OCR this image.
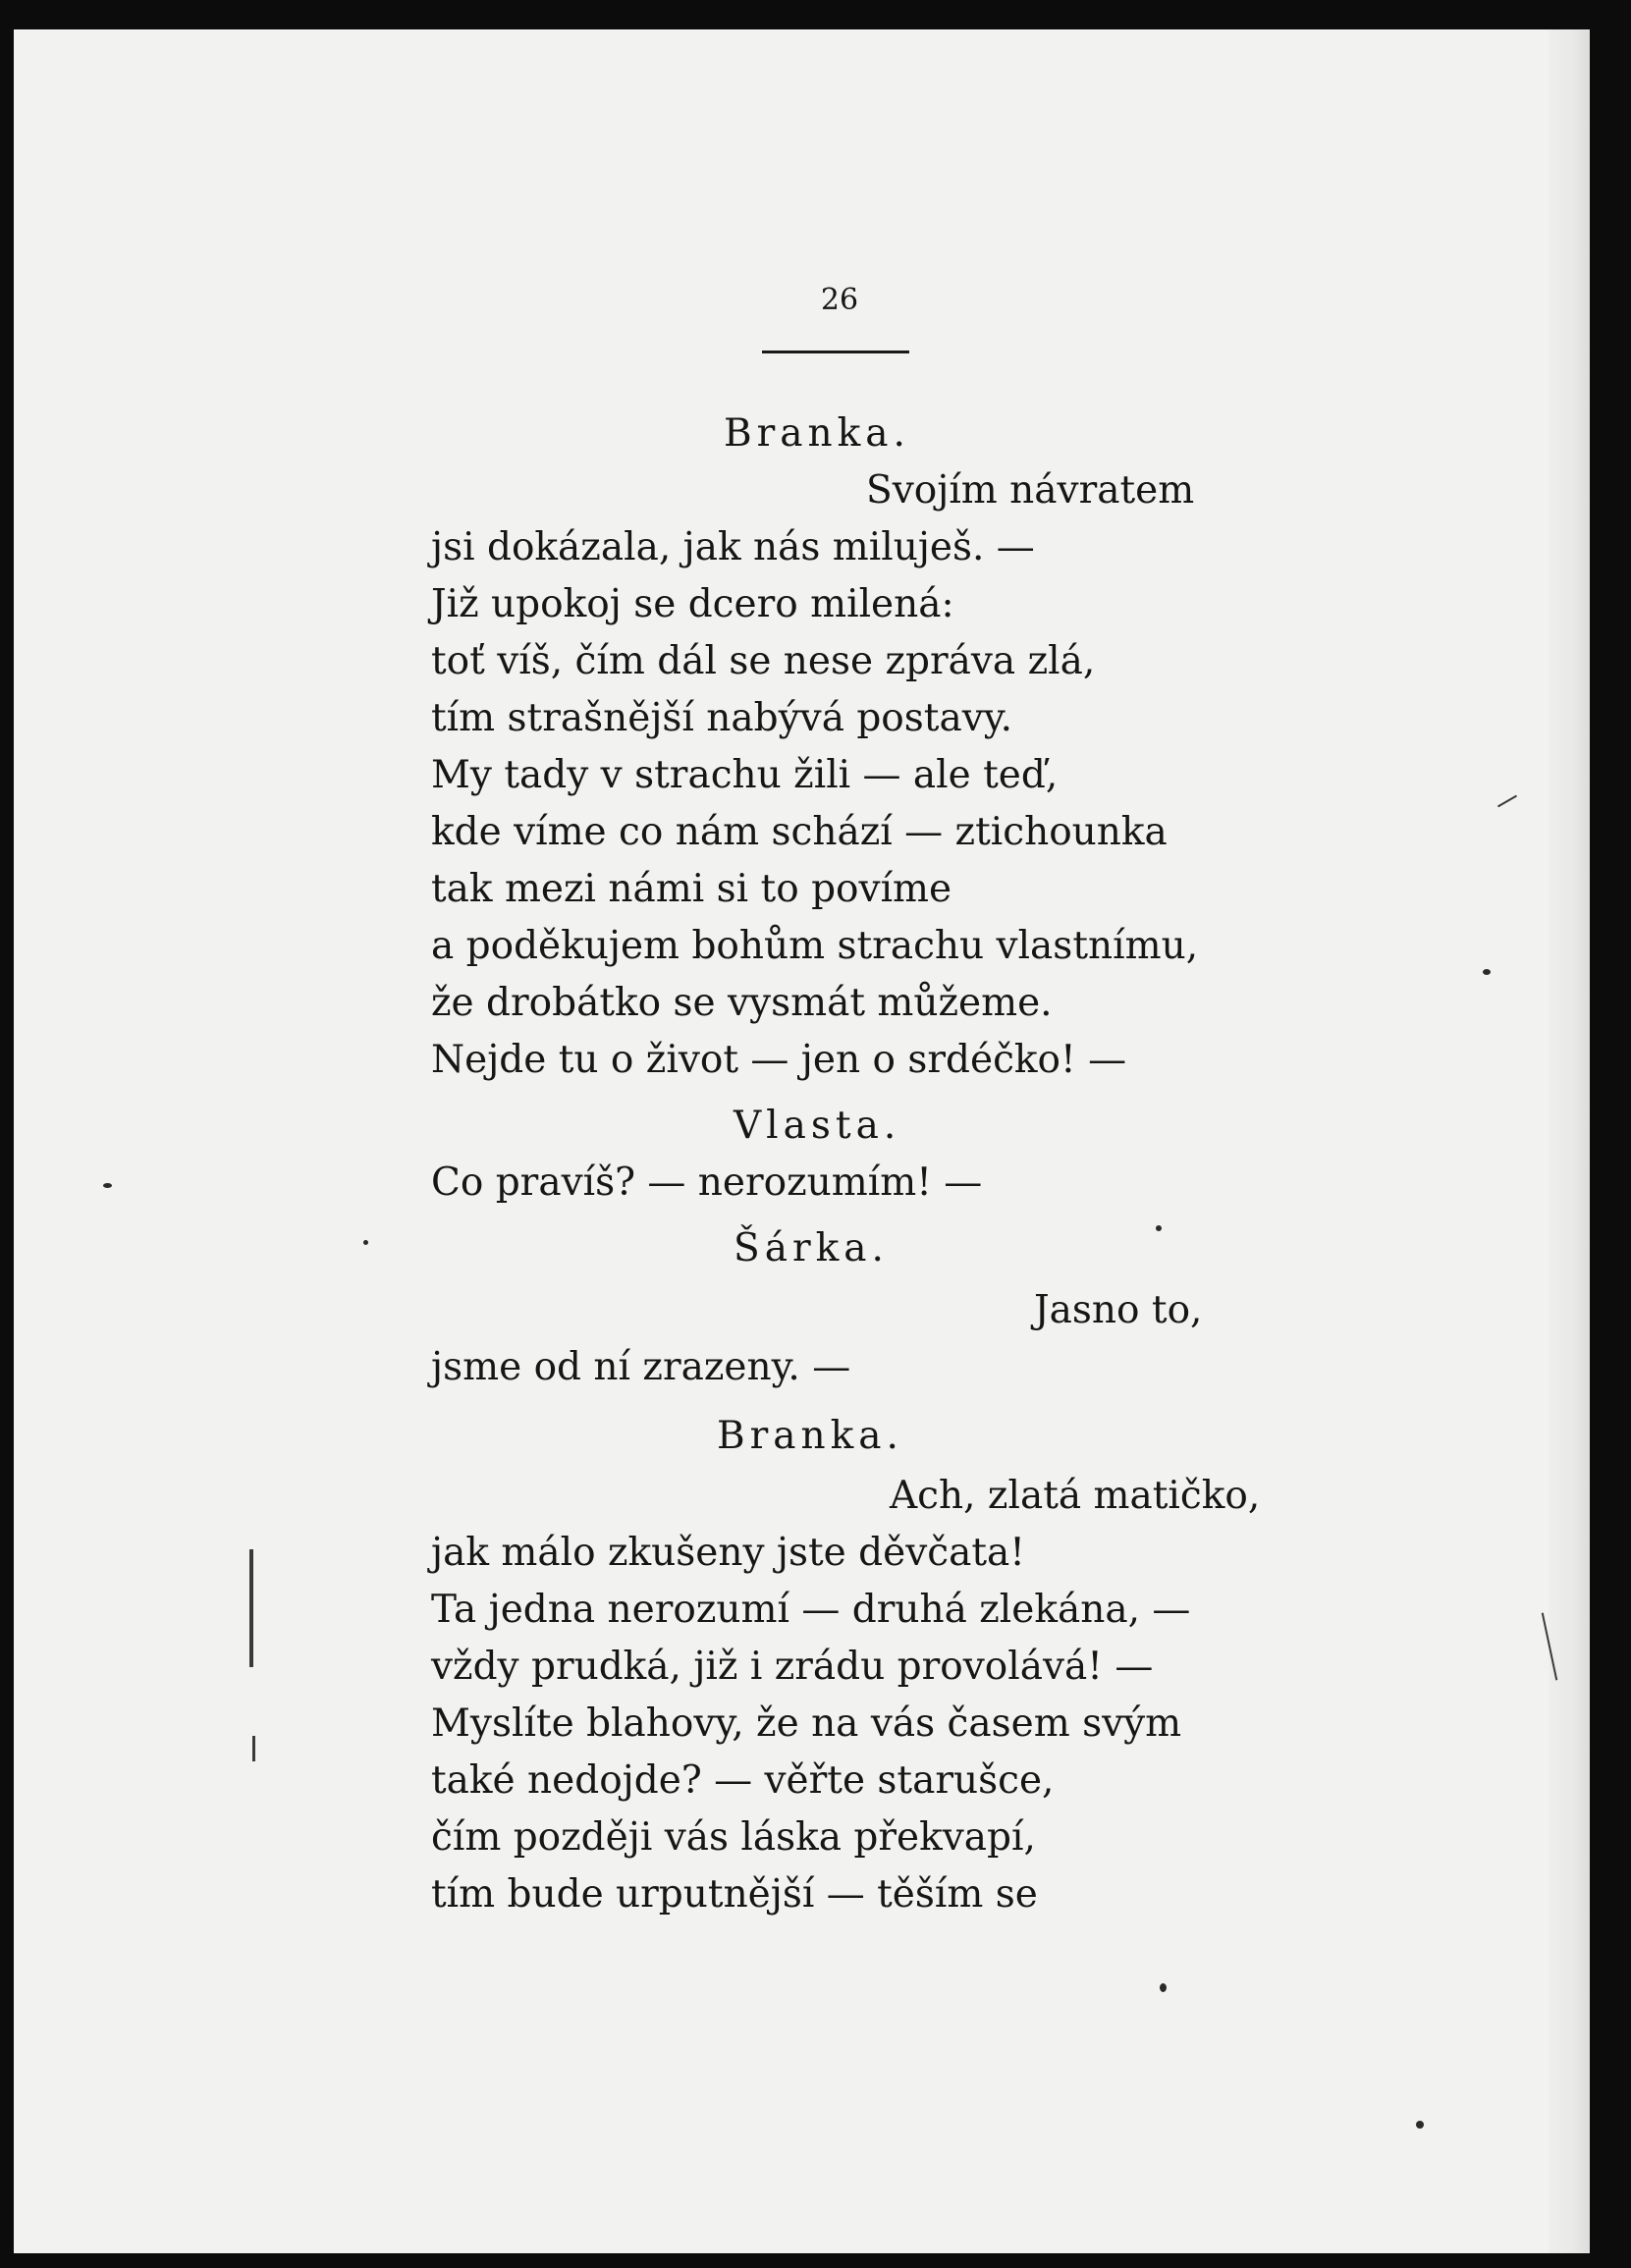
26
Branka.
Svojím návratem
jsi dokázala, jak nás miluješ. —
Již upokoj se dcero milená:
toť víš, čím dál se nese zpráva zlá,
tím strašnější nabývá postavy.
My tady v strachu žili — ale teď,
kde víme co nám schází — ztichounka
tak mezi námi si to povíme
a poděkujem bohům strachu vlastnímu,
že drobátko se vysmát můžeme.
Nejde tu o život — jen o srdéčko! —
Vlasta.
Co pravíš? — nerozumím! —
Šárka.
Jasno to,
jsme od ní zrazeny. —
Branka.
Ach, zlatá matičko,
jak málo zkušeny jste děvčata!
Ta jedna nerozumí — druhá zlekána, —
vždy prudká, již i zrádu provolává! —
Myslíte blahovy, že na vás časem svým
také nedojde? — věřte starušce,
čím později vás láska překvapí,
tím bude urputnější — těším se
